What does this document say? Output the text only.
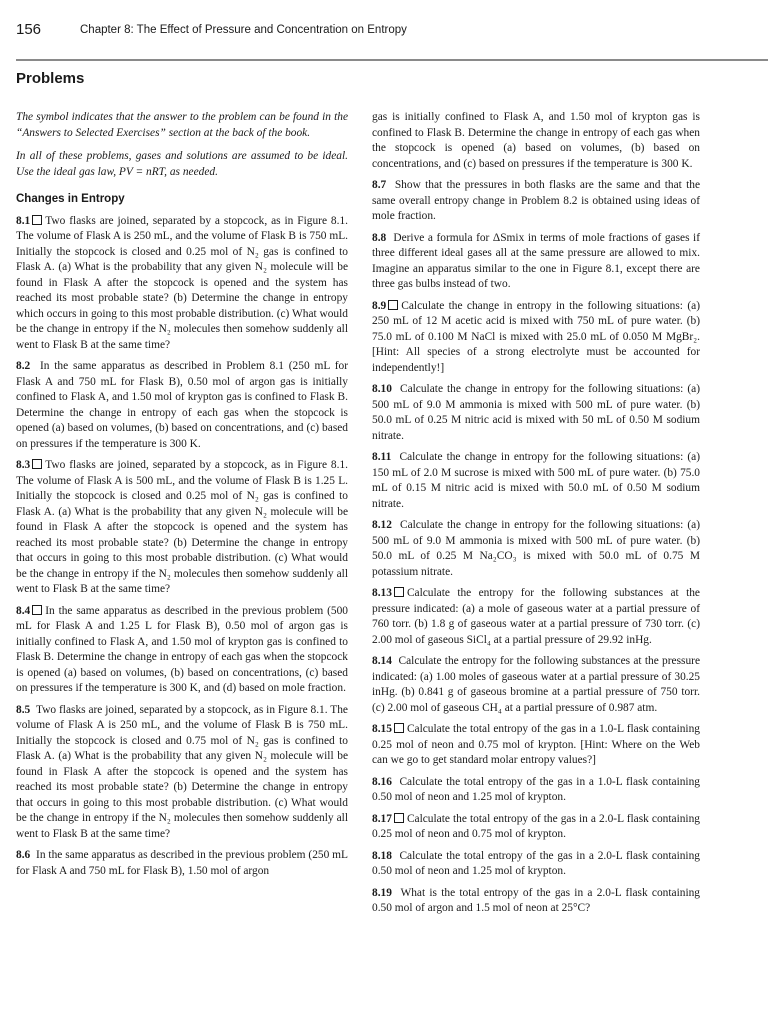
156	Chapter 8: The Effect of Pressure and Concentration on Entropy
Problems

The symbol indicates that the answer to the problem can be found in the “Answers to Selected Exercises” section at the back of the book.

In all of these problems, gases and solutions are assumed to be ideal. Use the ideal gas law, PV = nRT, as needed.

Changes in Entropy

8.1 Two flasks are joined, separated by a stopcock, as in Figure 8.1. The volume of Flask A is 250 mL, and the volume of Flask B is 750 mL. Initially the stopcock is closed and 0.25 mol of N₂ gas is confined to Flask A. (a) What is the probability that any given N₂ molecule will be found in Flask A after the stopcock is opened and the system has reached its most probable state? (b) Determine the change in entropy which occurs in going to this most probable distribution. (c) What would be the change in entropy if the N₂ molecules then somehow suddenly all went to Flask B at the same time?

8.2 In the same apparatus as described in Problem 8.1 (250 mL for Flask A and 750 mL for Flask B), 0.50 mol of argon gas is initially confined to Flask A, and 1.50 mol of krypton gas is confined to Flask B. Determine the change in entropy of each gas when the stopcock is opened (a) based on volumes, (b) based on concentrations, and (c) based on pressures if the temperature is 300 K.

8.3 Two flasks are joined, separated by a stopcock, as in Figure 8.1. The volume of Flask A is 500 mL, and the volume of Flask B is 1.25 L. Initially the stopcock is closed and 0.25 mol of N₂ gas is confined to Flask A. (a) What is the probability that any given N₂ molecule will be found in Flask A after the stopcock is opened and the system has reached its most probable state? (b) Determine the change in entropy that occurs in going to this most probable distribution. (c) What would be the change in entropy if the N₂ molecules then somehow suddenly all went to Flask B at the same time?

8.4 In the same apparatus as described in the previous problem (500 mL for Flask A and 1.25 L for Flask B), 0.50 mol of argon gas is initially confined to Flask A, and 1.50 mol of krypton gas is confined to Flask B. Determine the change in entropy of each gas when the stopcock is opened (a) based on volumes, (b) based on concentrations, (c) based on pressures if the temperature is 300 K, and (d) based on mole fraction.

8.5 Two flasks are joined, separated by a stopcock, as in Figure 8.1. The volume of Flask A is 250 mL, and the volume of Flask B is 750 mL. Initially the stopcock is closed and 0.75 mol of N₂ gas is confined to Flask A. (a) What is the probability that any given N₂ molecule will be found in Flask A after the stopcock is opened and the system has reached its most probable state? (b) Determine the change in entropy that occurs in going to this most probable distribution. (c) What would be the change in entropy if the N₂ molecules then somehow suddenly all went to Flask B at the same time?

8.6 In the same apparatus as described in the previous problem (250 mL for Flask A and 750 mL for Flask B), 1.50 mol of argon

gas is initially confined to Flask A, and 1.50 mol of krypton gas is confined to Flask B. Determine the change in entropy of each gas when the stopcock is opened (a) based on volumes, (b) based on concentrations, and (c) based on pressures if the temperature is 300 K.

8.7 Show that the pressures in both flasks are the same and that the same overall entropy change in Problem 8.2 is obtained using ideas of mole fraction.

8.8 Derive a formula for ΔSmix in terms of mole fractions of gases if three different ideal gases all at the same pressure are allowed to mix. Imagine an apparatus similar to the one in Figure 8.1, except there are three gas bulbs instead of two.

8.9 Calculate the change in entropy in the following situations: (a) 250 mL of 12 M acetic acid is mixed with 750 mL of pure water. (b) 75.0 mL of 0.100 M NaCl is mixed with 25.0 mL of 0.050 M MgBr₂. [Hint: All species of a strong electrolyte must be accounted for independently!]

8.10 Calculate the change in entropy for the following situations: (a) 500 mL of 9.0 M ammonia is mixed with 500 mL of pure water. (b) 50.0 mL of 0.25 M nitric acid is mixed with 50 mL of 0.50 M sodium nitrate.

8.11 Calculate the change in entropy for the following situations: (a) 150 mL of 2.0 M sucrose is mixed with 500 mL of pure water. (b) 75.0 mL of 0.15 M nitric acid is mixed with 50.0 mL of 0.50 M sodium nitrate.

8.12 Calculate the change in entropy for the following situations: (a) 500 mL of 9.0 M ammonia is mixed with 500 mL of pure water. (b) 50.0 mL of 0.25 M Na₂CO₃ is mixed with 50.0 mL of 0.75 M potassium nitrate.

8.13 Calculate the entropy for the following substances at the pressure indicated: (a) a mole of gaseous water at a partial pressure of 760 torr. (b) 1.8 g of gaseous water at a partial pressure of 730 torr. (c) 2.00 mol of gaseous SiCl₄ at a partial pressure of 29.92 inHg.

8.14 Calculate the entropy for the following substances at the pressure indicated: (a) 1.00 moles of gaseous water at a partial pressure of 30.25 inHg. (b) 0.841 g of gaseous bromine at a partial pressure of 750 torr. (c) 2.00 mol of gaseous CH₄ at a partial pressure of 0.987 atm.

8.15 Calculate the total entropy of the gas in a 1.0-L flask containing 0.25 mol of neon and 0.75 mol of krypton. [Hint: Where on the Web can we go to get standard molar entropy values?]

8.16 Calculate the total entropy of the gas in a 1.0-L flask containing 0.50 mol of neon and 1.25 mol of krypton.

8.17 Calculate the total entropy of the gas in a 2.0-L flask containing 0.25 mol of neon and 0.75 mol of krypton.

8.18 Calculate the total entropy of the gas in a 2.0-L flask containing 0.50 mol of neon and 1.25 mol of krypton.

8.19 What is the total entropy of the gas in a 2.0-L flask containing 0.50 mol of argon and 1.5 mol of neon at 25°C?
